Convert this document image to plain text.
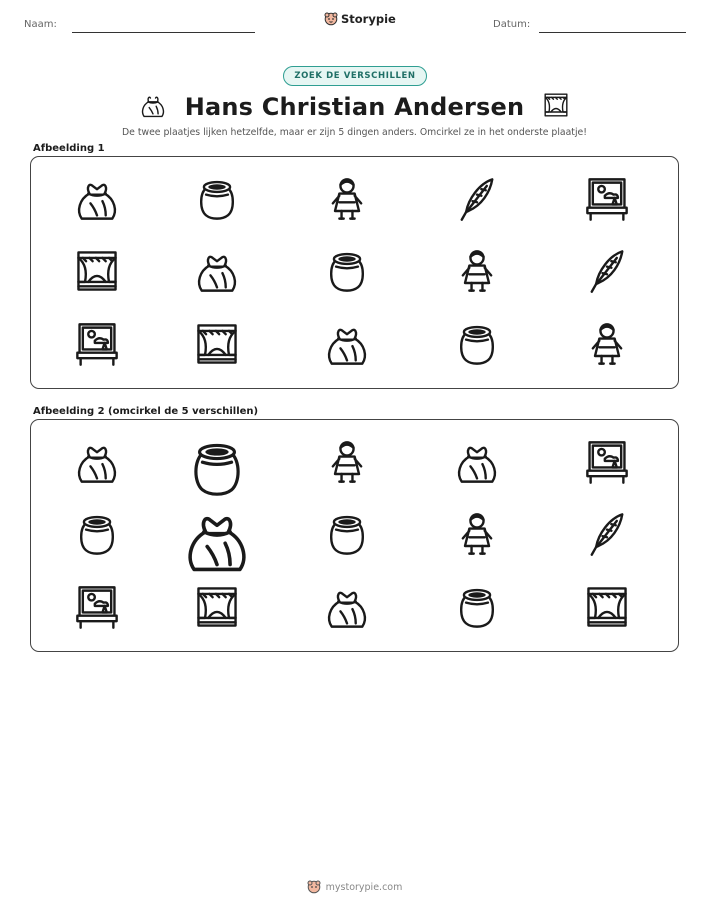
Naam:	Storypie	Datum:
ZOEK DE VERSCHILLEN
Hans Christian Andersen
De twee plaatjes lijken hetzelfde, maar er zijn 5 dingen anders. Omcirkel ze in het onderste plaatje!
Afbeelding 1
Afbeelding 2 (omcirkel de 5 verschillen)
mystorypie.com
